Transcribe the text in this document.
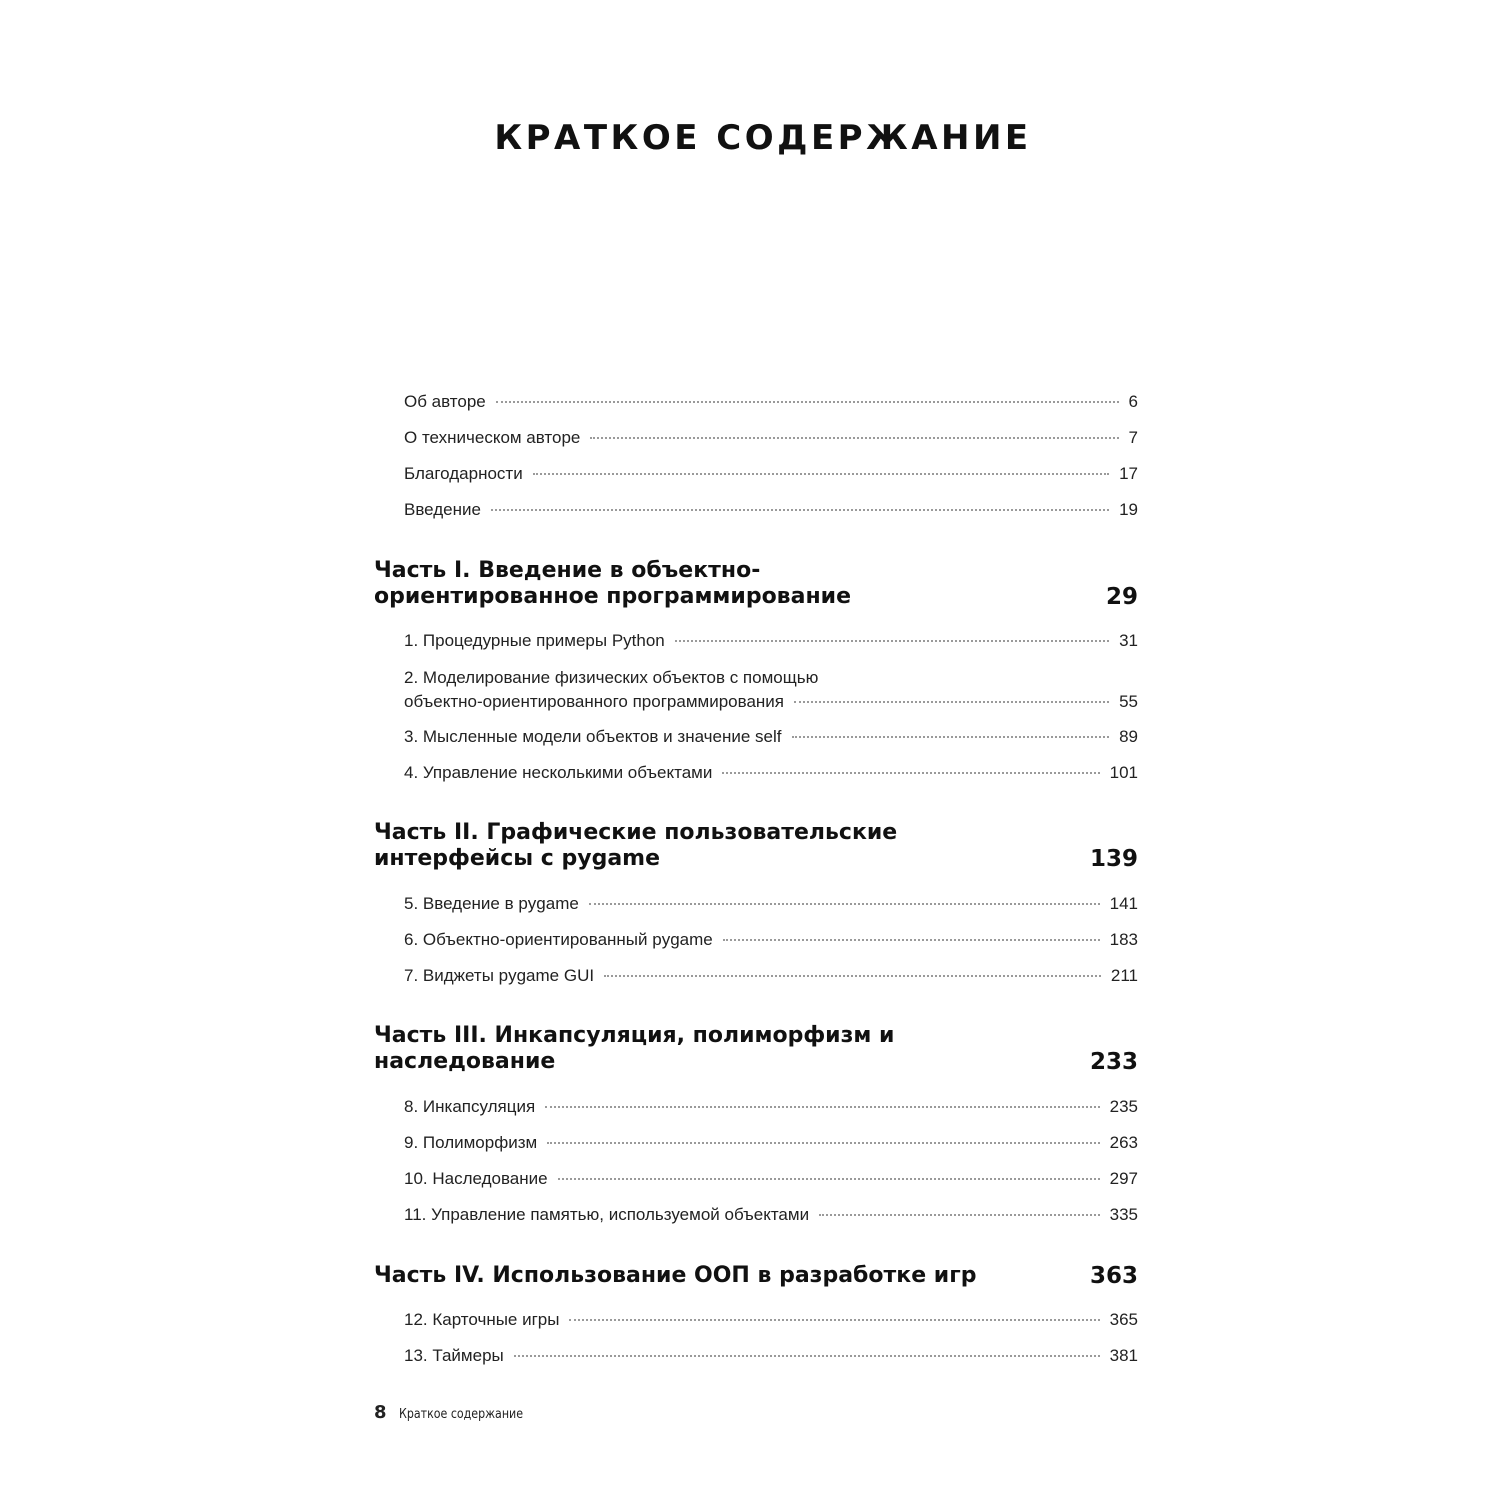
КРАТКОЕ СОДЕРЖАНИЕ
Об авторе	6
О техническом авторе	7
Благодарности	17
Введение	19
Часть I. Введение в объектно-ориентированное программирование	29
1. Процедурные примеры Python	31
2. Моделирование физических объектов с помощью
объектно-ориентированного программирования	55
3. Мысленные модели объектов и значение self	89
4. Управление несколькими объектами	101
Часть II. Графические пользовательские интерфейсы с pygame	139
5. Введение в pygame	141
6. Объектно-ориентированный pygame	183
7. Виджеты pygame GUI	211
Часть III. Инкапсуляция, полиморфизм и наследование	233
8. Инкапсуляция	235
9. Полиморфизм	263
10. Наследование	297
11. Управление памятью, используемой объектами	335
Часть IV. Использование ООП в разработке игр	363
12. Карточные игры	365
13. Таймеры	381
8 Краткое содержание
